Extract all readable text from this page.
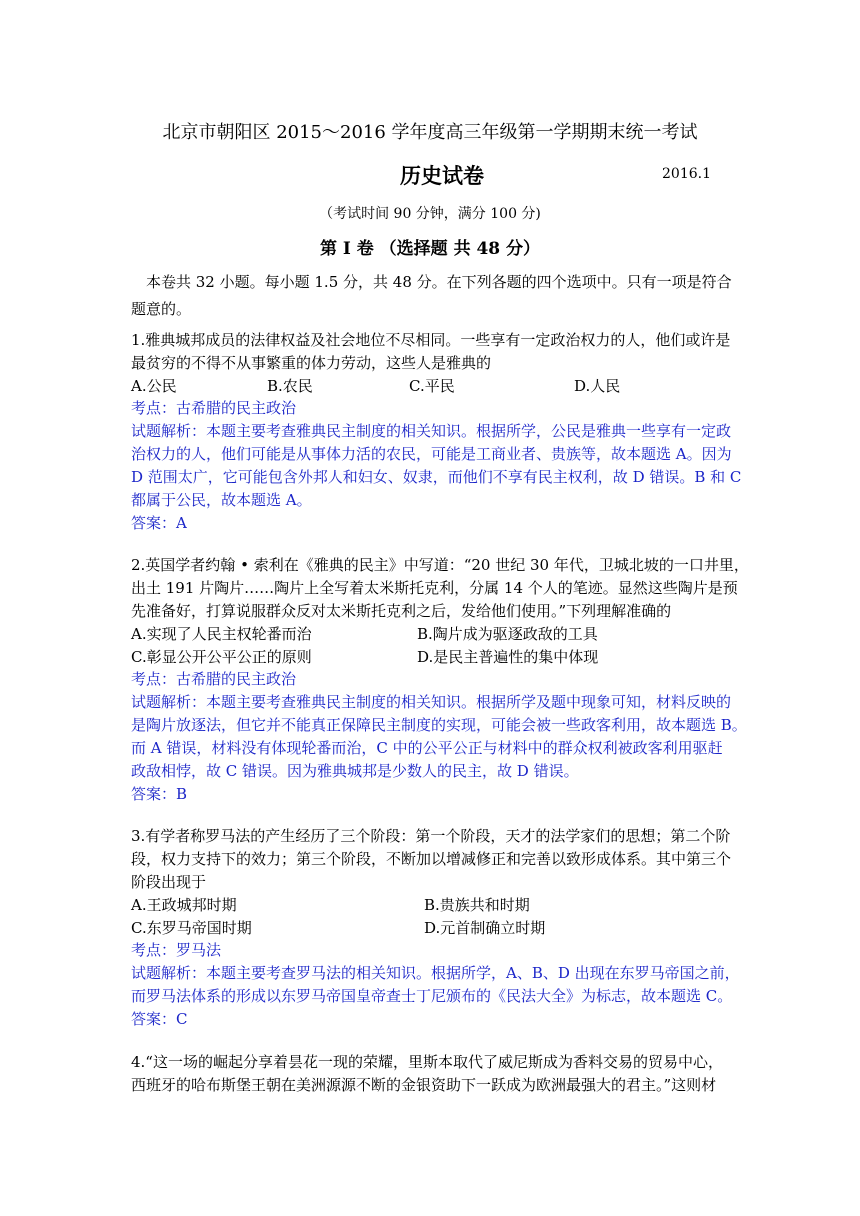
北京市朝阳区 2015～2016 学年度高三年级第一学期期末统一考试
历史试卷	2016.1
（考试时间 90 分钟，满分 100 分)
第 I 卷 （选择题 共 48 分）
本卷共 32 小题。每小题 1.5 分，共 48 分。在下列各题的四个选项中。只有一项是符合
题意的。
1.雅典城邦成员的法律权益及社会地位不尽相同。一些享有一定政治权力的人，他们或许是
最贫穷的不得不从事繁重的体力劳动，这些人是雅典的
A.公民	B.农民	C.平民	D.人民
考点：古希腊的民主政治
试题解析：本题主要考查雅典民主制度的相关知识。根据所学，公民是雅典一些享有一定政
治权力的人，他们可能是从事体力活的农民，可能是工商业者、贵族等，故本题选 A。因为
D 范围太广，它可能包含外邦人和妇女、奴隶，而他们不享有民主权利，故 D 错误。B 和 C
都属于公民，故本题选 A。
答案：A
2.英国学者约翰 • 索利在《雅典的民主》中写道：“20 世纪 30 年代，卫城北坡的一口井里，
出土 191 片陶片……陶片上全写着太米斯托克利，分属 14 个人的笔迹。显然这些陶片是预
先准备好，打算说服群众反对太米斯托克利之后，发给他们使用。”下列理解准确的
A.实现了人民主权轮番而治	B.陶片成为驱逐政敌的工具
C.彰显公开公平公正的原则	D.是民主普遍性的集中体现
考点：古希腊的民主政治
试题解析：本题主要考查雅典民主制度的相关知识。根据所学及题中现象可知，材料反映的
是陶片放逐法，但它并不能真正保障民主制度的实现，可能会被一些政客利用，故本题选 B。
而 A 错误，材料没有体现轮番而治，C 中的公平公正与材料中的群众权利被政客利用驱赶
政敌相悖，故 C 错误。因为雅典城邦是少数人的民主，故 D 错误。
答案：B
3.有学者称罗马法的产生经历了三个阶段：第一个阶段，天才的法学家们的思想；第二个阶
段，权力支持下的效力；第三个阶段，不断加以增减修正和完善以致形成体系。其中第三个
阶段出现于
A.王政城邦时期	B.贵族共和时期
C.东罗马帝国时期	D.元首制确立时期
考点：罗马法
试题解析：本题主要考查罗马法的相关知识。根据所学，A、B、D 出现在东罗马帝国之前，
而罗马法体系的形成以东罗马帝国皇帝查士丁尼颁布的《民法大全》为标志，故本题选 C。
答案：C
4.“这一场的崛起分享着昙花一现的荣耀，里斯本取代了威尼斯成为香料交易的贸易中心，
西班牙的哈布斯堡王朝在美洲源源不断的金银资助下一跃成为欧洲最强大的君主。”这则材
